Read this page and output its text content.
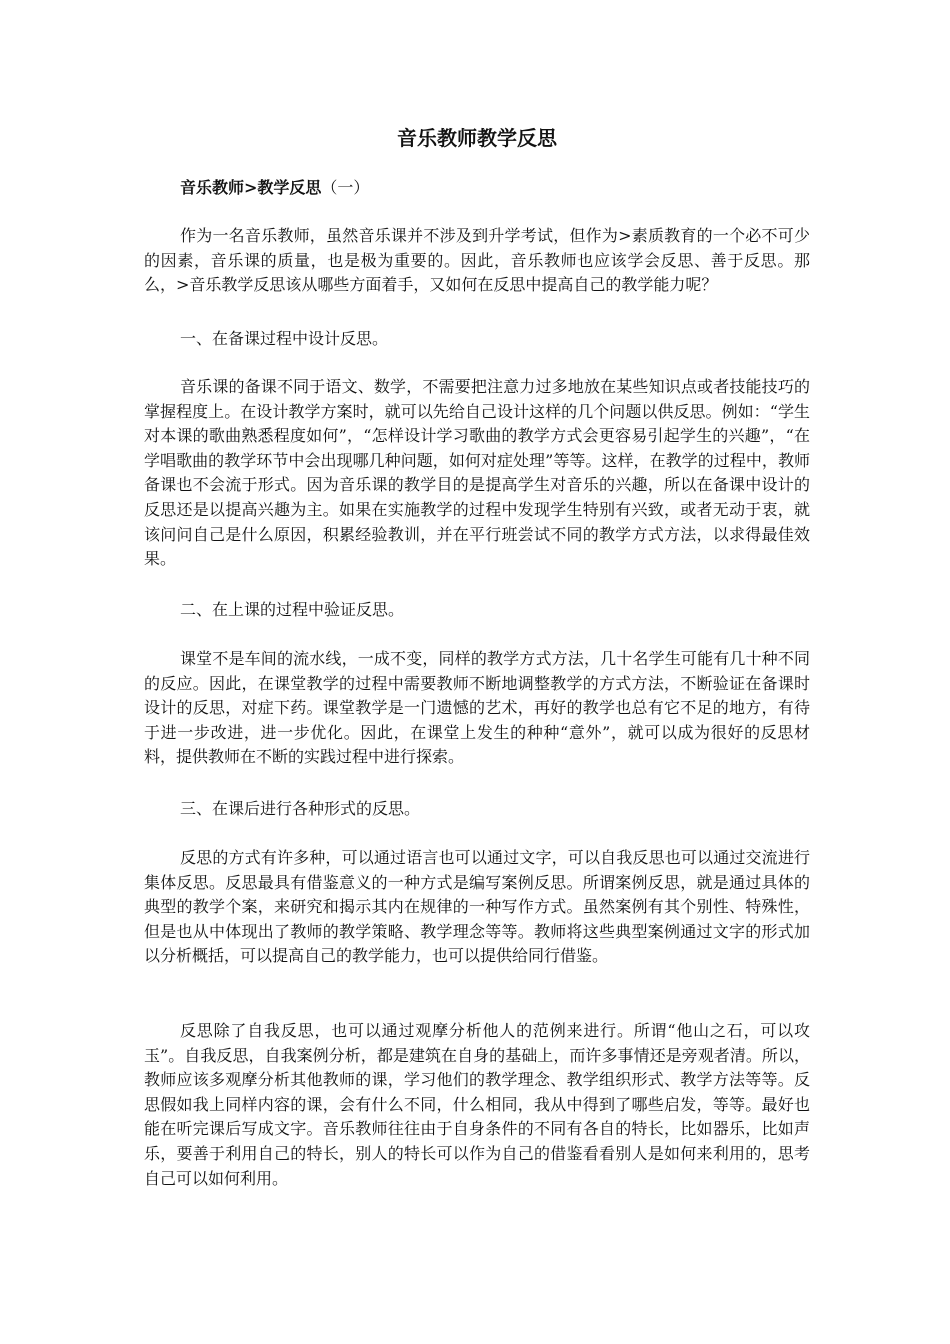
音乐教师教学反思

音乐教师>教学反思（一）

作为一名音乐教师，虽然音乐课并不涉及到升学考试，但作为>素质教育的一个必不可少的因素，音乐课的质量，也是极为重要的。因此，音乐教师也应该学会反思、善于反思。那么，>音乐教学反思该从哪些方面着手，又如何在反思中提高自己的教学能力呢？

一、在备课过程中设计反思。

音乐课的备课不同于语文、数学，不需要把注意力过多地放在某些知识点或者技能技巧的掌握程度上。在设计教学方案时，就可以先给自己设计这样的几个问题以供反思。例如：“学生对本课的歌曲熟悉程度如何”，“怎样设计学习歌曲的教学方式会更容易引起学生的兴趣”，“在学唱歌曲的教学环节中会出现哪几种问题，如何对症处理”等等。这样，在教学的过程中，教师备课也不会流于形式。因为音乐课的教学目的是提高学生对音乐的兴趣，所以在备课中设计的反思还是以提高兴趣为主。如果在实施教学的过程中发现学生特别有兴致，或者无动于衷，就该问问自己是什么原因，积累经验教训，并在平行班尝试不同的教学方式方法，以求得最佳效果。

二、在上课的过程中验证反思。

课堂不是车间的流水线，一成不变，同样的教学方式方法，几十名学生可能有几十种不同的反应。因此，在课堂教学的过程中需要教师不断地调整教学的方式方法，不断验证在备课时设计的反思，对症下药。课堂教学是一门遗憾的艺术，再好的教学也总有它不足的地方，有待于进一步改进，进一步优化。因此，在课堂上发生的种种“意外”，就可以成为很好的反思材料，提供教师在不断的实践过程中进行探索。

三、在课后进行各种形式的反思。

反思的方式有许多种，可以通过语言也可以通过文字，可以自我反思也可以通过交流进行集体反思。反思最具有借鉴意义的一种方式是编写案例反思。所谓案例反思，就是通过具体的典型的教学个案，来研究和揭示其内在规律的一种写作方式。虽然案例有其个别性、特殊性，但是也从中体现出了教师的教学策略、教学理念等等。教师将这些典型案例通过文字的形式加以分析概括，可以提高自己的教学能力，也可以提供给同行借鉴。

反思除了自我反思，也可以通过观摩分析他人的范例来进行。所谓“他山之石，可以攻玉”。自我反思，自我案例分析，都是建筑在自身的基础上，而许多事情还是旁观者清。所以，教师应该多观摩分析其他教师的课，学习他们的教学理念、教学组织形式、教学方法等等。反思假如我上同样内容的课，会有什么不同，什么相同，我从中得到了哪些启发，等等。最好也能在听完课后写成文字。音乐教师往往由于自身条件的不同有各自的特长，比如器乐，比如声乐，要善于利用自己的特长，别人的特长可以作为自己的借鉴看看别人是如何来利用的，思考自己可以如何利用。
